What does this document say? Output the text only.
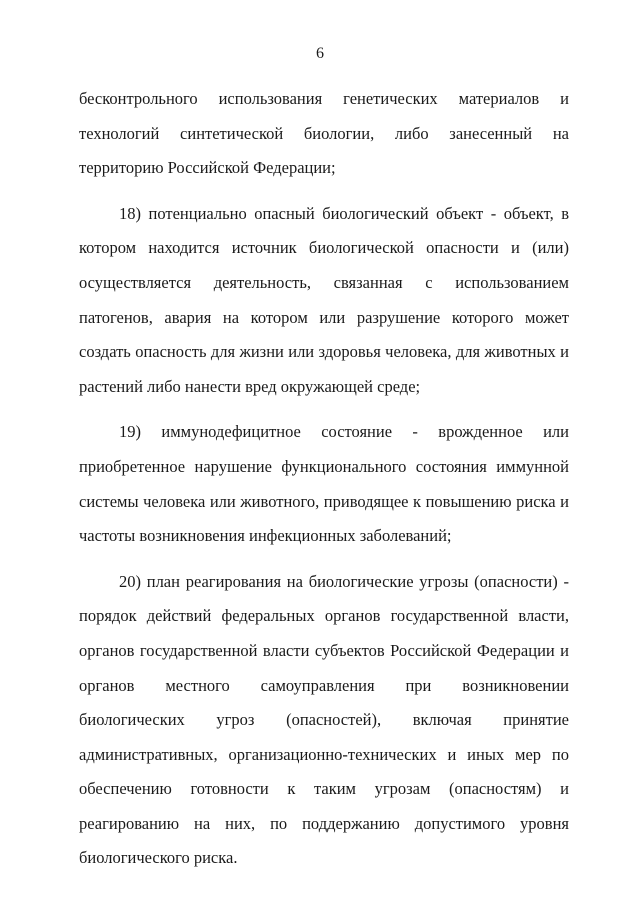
6

бесконтрольного использования генетических материалов и технологий синтетической биологии, либо занесенный на территорию Российской Федерации;

18) потенциально опасный биологический объект - объект, в котором находится источник биологической опасности и (или) осуществляется деятельность, связанная с использованием патогенов, авария на котором или разрушение которого может создать опасность для жизни или здоровья человека, для животных и растений либо нанести вред окружающей среде;

19) иммунодефицитное состояние - врожденное или приобретенное нарушение функционального состояния иммунной системы человека или животного, приводящее к повышению риска и частоты возникновения инфекционных заболеваний;

20) план реагирования на биологические угрозы (опасности) - порядок действий федеральных органов государственной власти, органов государственной власти субъектов Российской Федерации и органов местного самоуправления при возникновении биологических угроз (опасностей), включая принятие административных, организационно-технических и иных мер по обеспечению готовности к таким угрозам (опасностям) и реагированию на них, по поддержанию допустимого уровня биологического риска.
